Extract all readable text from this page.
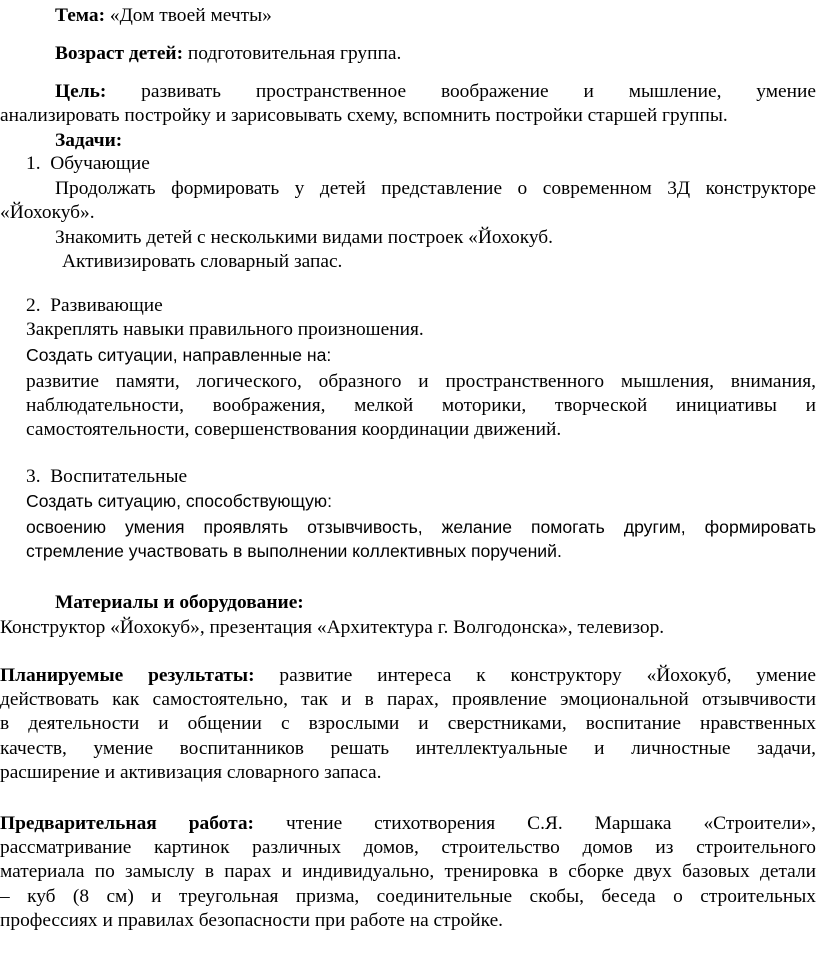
Тема: «Дом твоей мечты»

Возраст детей: подготовительная группа.

Цель: развивать пространственное воображение и мышление, умение

анализировать постройку и зарисовывать схему, вспомнить постройки старшей группы.

Задачи:

1. Обучающие

Продолжать формировать у детей представление о современном 3Д конструкторе

«Йохокуб».

Знакомить детей с несколькими видами построек «Йохокуб.

Активизировать словарный запас.

2. Развивающие

Закреплять навыки правильного произношения.

Создать ситуации, направленные на:

развитие памяти, логического, образного и пространственного мышления, внимания,

наблюдательности, воображения, мелкой моторики, творческой инициативы и

самостоятельности, совершенствования координации движений.

3. Воспитательные

Создать ситуацию, способствующую:

освоению умения проявлять отзывчивость, желание помогать другим, формировать

стремление участвовать в выполнении коллективных поручений.

Материалы и оборудование:

Конструктор «Йохокуб», презентация «Архитектура г. Волгодонска», телевизор.

Планируемые результаты: развитие интереса к конструктору «Йохокуб, умение

действовать как самостоятельно, так и в парах, проявление эмоциональной отзывчивости

в деятельности и общении с взрослыми и сверстниками, воспитание нравственных

качеств, умение воспитанников решать интеллектуальные и личностные задачи,

расширение и активизация словарного запаса.

Предварительная работа: чтение стихотворения С.Я. Маршака «Строители»,

рассматривание картинок различных домов, строительство домов из строительного

материала по замыслу в парах и индивидуально, тренировка в сборке двух базовых детали

– куб (8 см) и треугольная призма, соединительные скобы, беседа о строительных

профессиях и правилах безопасности при работе на стройке.
